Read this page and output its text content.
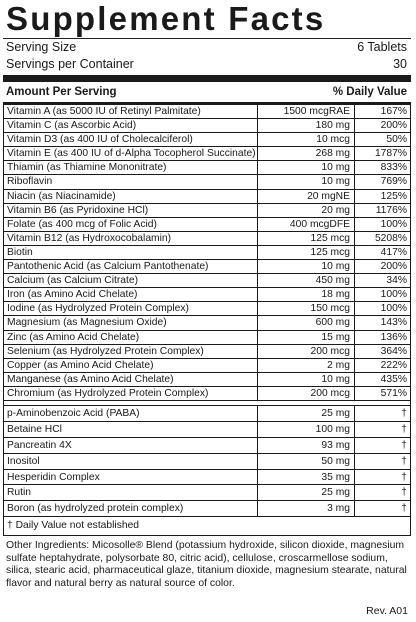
Supplement Facts
Serving Size	6 Tablets
Servings per Container	30
Amount Per Serving	% Daily Value
Vitamin A (as 5000 IU of Retinyl Palmitate)	1500 mcgRAE	167%
Vitamin C (as Ascorbic Acid)	180 mg	200%
Vitamin D3 (as 400 IU of Cholecalciferol)	10 mcg	50%
Vitamin E (as 400 IU of d-Alpha Tocopherol Succinate)	268 mg	1787%
Thiamin (as Thiamine Mononitrate)	10 mg	833%
Riboflavin	10 mg	769%
Niacin (as Niacinamide)	20 mgNE	125%
Vitamin B6 (as Pyridoxine HCl)	20 mg	1176%
Folate (as 400 mcg of Folic Acid)	400 mcgDFE	100%
Vitamin B12 (as Hydroxocobalamin)	125 mcg	5208%
Biotin	125 mcg	417%
Pantothenic Acid (as Calcium Pantothenate)	10 mg	200%
Calcium (as Calcium Citrate)	450 mg	34%
Iron (as Amino Acid Chelate)	18 mg	100%
Iodine (as Hydrolyzed Protein Complex)	150 mcg	100%
Magnesium (as Magnesium Oxide)	600 mg	143%
Zinc (as Amino Acid Chelate)	15 mg	136%
Selenium (as Hydrolyzed Protein Complex)	200 mcg	364%
Copper (as Amino Acid Chelate)	2 mg	222%
Manganese (as Amino Acid Chelate)	10 mg	435%
Chromium (as Hydrolyzed Protein Complex)	200 mcg	571%
p-Aminobenzoic Acid (PABA)	25 mg	†
Betaine HCl	100 mg	†
Pancreatin 4X	93 mg	†
Inositol	50 mg	†
Hesperidin Complex	35 mg	†
Rutin	25 mg	†
Boron (as hydrolyzed protein complex)	3 mg	†
† Daily Value not established
Other Ingredients: Micosolle® Blend (potassium hydroxide, silicon dioxide, magnesium sulfate heptahydrate, polysorbate 80, citric acid), cellulose, croscarmellose sodium, silica, stearic acid, pharmaceutical glaze, titanium dioxide, magnesium stearate, natural flavor and natural berry as natural source of color.
Rev. A01
